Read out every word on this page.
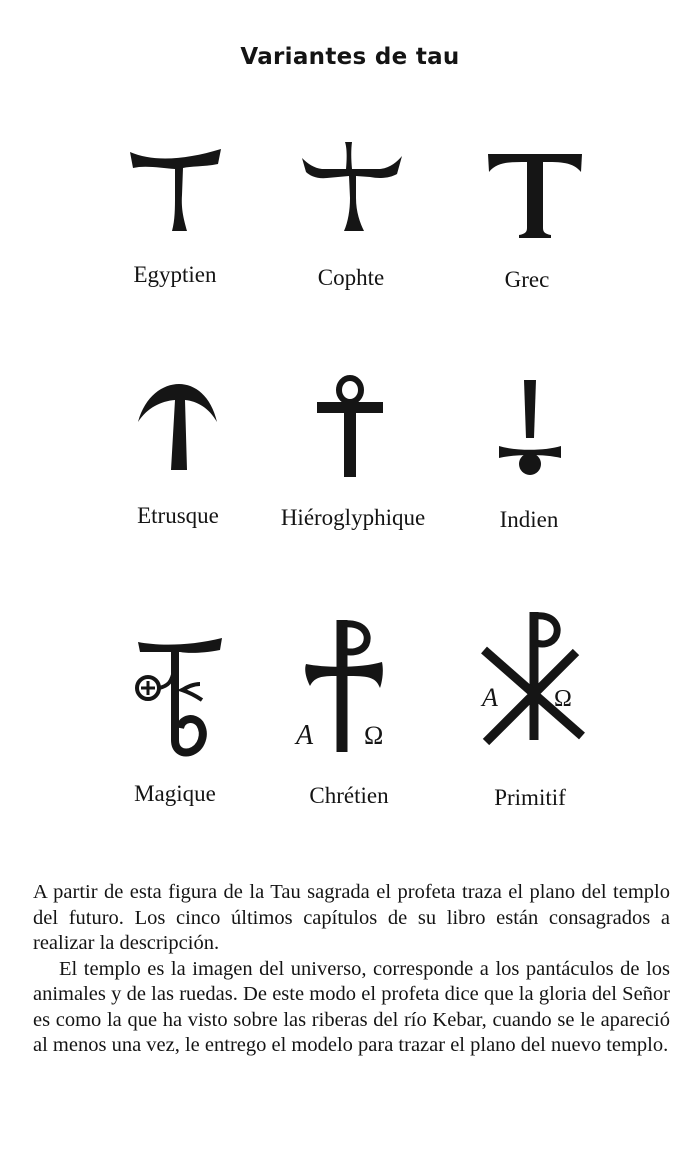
Variantes de tau
Egyptien	Cophte	Grec
Etrusque	Hiéroglyphique	Indien
A Ω
A Ω
Magique	Chrétien	Primitif

A partir de esta figura de la Tau sagrada el profeta traza el plano del templo del futuro. Los cinco últimos capítulos de su libro están consagrados a realizar la descripción.

El templo es la imagen del universo, corresponde a los pantáculos de los animales y de las ruedas. De este modo el profeta dice que la gloria del Señor es como la que ha visto sobre las riberas del río Kebar, cuando se le apareció al menos una vez, le entrego el modelo para trazar el plano del nuevo templo.
